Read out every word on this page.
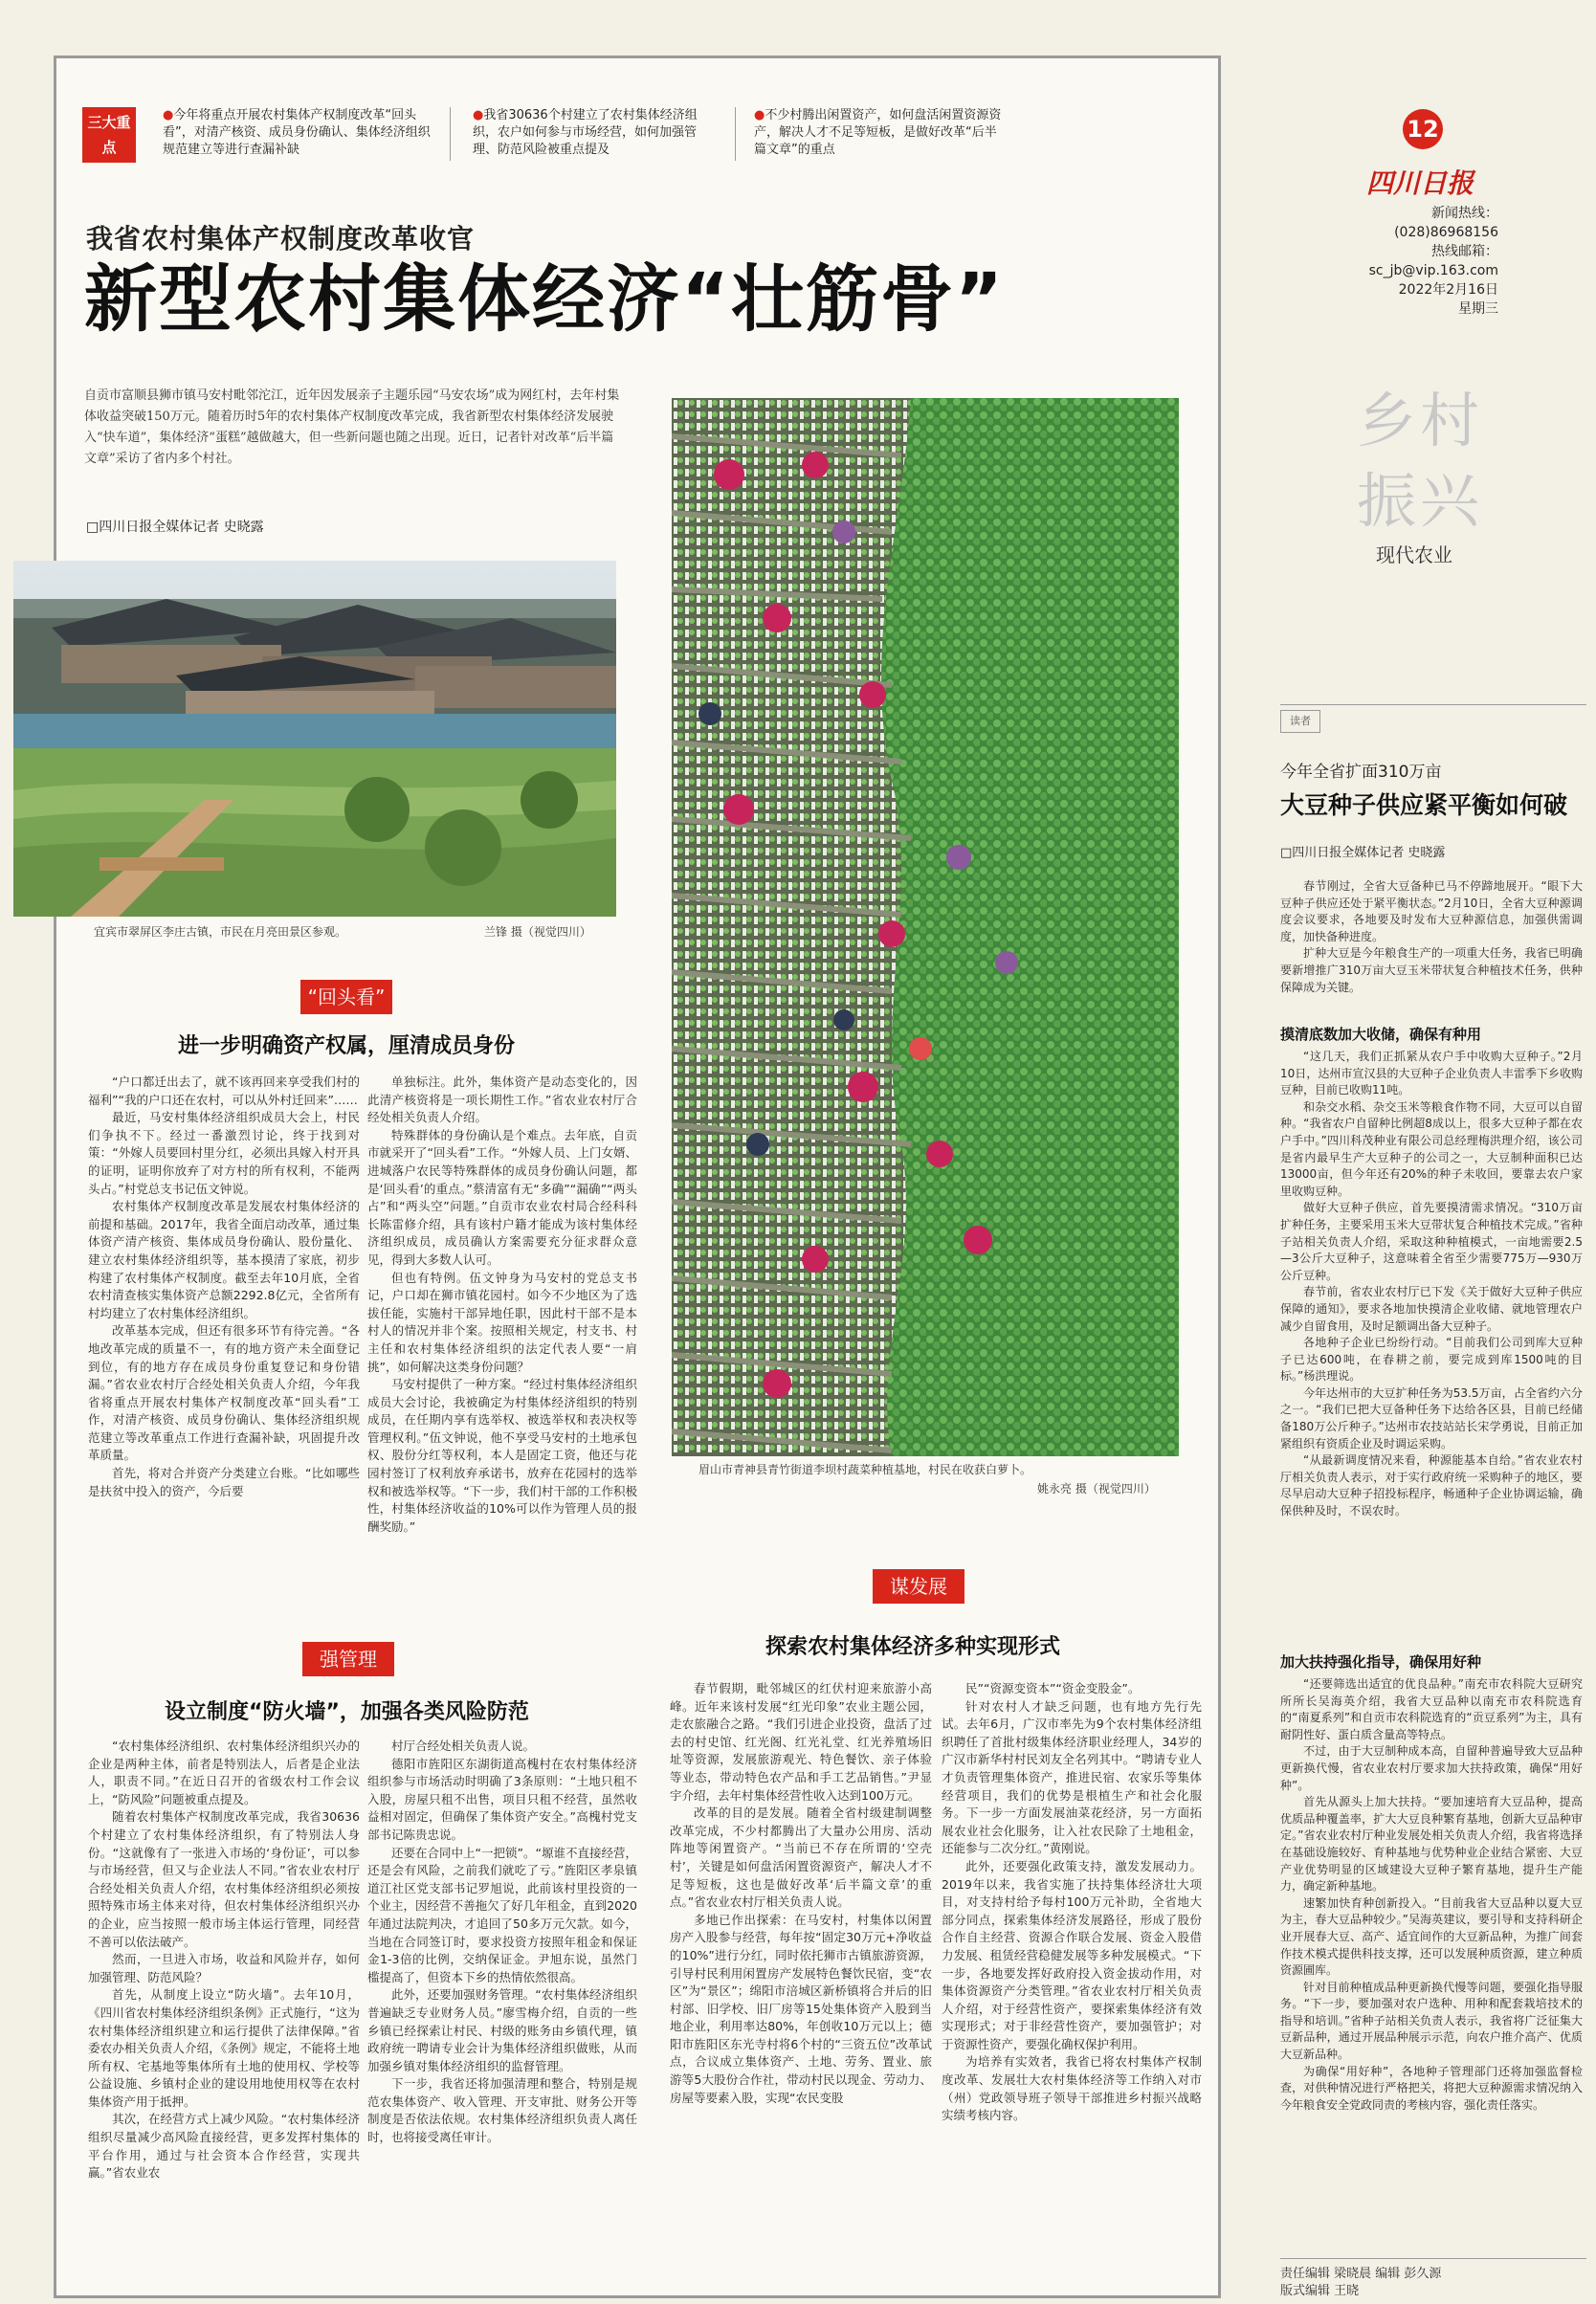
三大重点
●今年将重点开展农村集体产权制度改革“回头看”，对清产核资、成员身份确认、集体经济组织规范建立等进行查漏补缺
●我省30636个村建立了农村集体经济组织，农户如何参与市场经营，如何加强管理、防范风险被重点提及
●不少村腾出闲置资产，如何盘活闲置资源资产，解决人才不足等短板，是做好改革“后半篇文章”的重点
我省农村集体产权制度改革收官
新型农村集体经济“壮筋骨”
自贡市富顺县狮市镇马安村毗邻沱江，近年因发展亲子主题乐园“马安农场”成为网红村，去年村集体收益突破150万元。随着历时5年的农村集体产权制度改革完成，我省新型农村集体经济发展驶入“快车道”，集体经济“蛋糕”越做越大，但一些新问题也随之出现。近日，记者针对改革“后半篇文章”采访了省内多个村社。
□四川日报全媒体记者 史晓露
宜宾市翠屏区李庄古镇，市民在月亮田景区参观。	兰锋 摄（视觉四川）
眉山市青神县青竹街道李坝村蔬菜种植基地，村民在收获白萝卜。
姚永亮 摄（视觉四川）
“回头看”
进一步明确资产权属，厘清成员身份

“户口都迁出去了，就不该再回来享受我们村的福利”“我的户口还在农村，可以从外村迁回来”……

最近，马安村集体经济组织成员大会上，村民们争执不下。经过一番激烈讨论，终于找到对策：“外嫁人员要回村里分红，必须出具嫁入村开具的证明，证明你放弃了对方村的所有权利，不能两头占。”村党总支书记伍文钟说。

农村集体产权制度改革是发展农村集体经济的前提和基础。2017年，我省全面启动改革，通过集体资产清产核资、集体成员身份确认、股份量化、建立农村集体经济组织等，基本摸清了家底，初步构建了农村集体产权制度。截至去年10月底，全省农村清查核实集体资产总额2292.8亿元，全省所有村均建立了农村集体经济组织。

改革基本完成，但还有很多环节有待完善。“各地改革完成的质量不一，有的地方资产未全面登记到位，有的地方存在成员身份重复登记和身份错漏。”省农业农村厅合经处相关负责人介绍，今年我省将重点开展农村集体产权制度改革“回头看”工作，对清产核资、成员身份确认、集体经济组织规范建立等改革重点工作进行查漏补缺，巩固提升改革质量。

首先，将对合并资产分类建立台账。“比如哪些是扶贫中投入的资产，今后要

单独标注。此外，集体资产是动态变化的，因此清产核资将是一项长期性工作。”省农业农村厅合经处相关负责人介绍。

特殊群体的身份确认是个难点。去年底，自贡市就采开了“回头看”工作。“外嫁人员、上门女婿、进城落户农民等特殊群体的成员身份确认问题，都是‘回头看’的重点。”蔡清富有无“多确”“漏确”“两头占”和“两头空”问题。”自贡市农业农村局合经科科长陈雷修介绍，具有该村户籍才能成为该村集体经济组织成员，成员确认方案需要充分征求群众意见，得到大多数人认可。

但也有特例。伍文钟身为马安村的党总支书记，户口却在狮市镇花园村。如今不少地区为了选拔任能，实施村干部异地任职，因此村干部不是本村人的情况并非个案。按照相关规定，村支书、村主任和农村集体经济组织的法定代表人要“一肩挑”，如何解决这类身份问题？

马安村提供了一种方案。“经过村集体经济组织成员大会讨论，我被确定为村集体经济组织的特别成员，在任期内享有选举权、被选举权和表决权等管理权利。”伍文钟说，他不享受马安村的土地承包权、股份分红等权利，本人是固定工资，他还与花园村签订了权利放弃承诺书，放弃在花园村的选举权和被选举权等。“下一步，我们村干部的工作积极性，村集体经济收益的10%可以作为管理人员的报酬奖励。”

强管理
设立制度“防火墙”，加强各类风险防范

“农村集体经济组织、农村集体经济组织兴办的企业是两种主体，前者是特别法人，后者是企业法人，职责不同。”在近日召开的省级农村工作会议上，“防风险”问题被重点提及。

随着农村集体产权制度改革完成，我省30636个村建立了农村集体经济组织，有了特别法人身份。“这就像有了一张进入市场的‘身份证’，可以参与市场经营，但又与企业法人不同。”省农业农村厅合经处相关负责人介绍，农村集体经济组织必须按照特殊市场主体来对待，但农村集体经济组织兴办的企业，应当按照一般市场主体运行管理，同经营不善可以依法破产。

然而，一旦进入市场，收益和风险并存，如何加强管理、防范风险？

首先，从制度上设立“防火墙”。去年10月，《四川省农村集体经济组织条例》正式施行，“这为农村集体经济组织建立和运行提供了法律保障。”省委农办相关负责人介绍，《条例》规定，不能将土地所有权、宅基地等集体所有土地的使用权、学校等公益设施、乡镇村企业的建设用地使用权等在农村集体资产用于抵押。

其次，在经营方式上减少风险。“农村集体经济组织尽量减少高风险直接经营，更多发挥村集体的平台作用，通过与社会资本合作经营，实现共赢。”省农业农

村厅合经处相关负责人说。

德阳市旌阳区东湖街道高槐村在农村集体经济组织参与市场活动时明确了3条原则：“土地只租不入股，房屋只租不出售，项目只租不经营，虽然收益相对固定，但确保了集体资产安全。”高槐村党支部书记陈贵忠说。

还要在合同中上“一把锁”。“塬谁不直接经营，还是会有风险，之前我们就吃了亏。”旌阳区孝泉镇道江社区党支部书记罗旭说，此前该村里投资的一个业主，因经营不善拖欠了好几年租金，直到2020年通过法院判决，才追回了50多万元欠款。如今，当地在合同签订时，要求投资方按照年租金和保证金1-3倍的比例，交纳保证金。尹旭东说，虽然门槛提高了，但资本下乡的热情依然很高。

此外，还要加强财务管理。“农村集体经济组织普遍缺乏专业财务人员。”廖雪梅介绍，自贡的一些乡镇已经探索让村民、村级的账务由乡镇代理，镇政府统一聘请专业会计为集体经济组织做账，从而加强乡镇对集体经济组织的监督管理。

下一步，我省还将加强清理和整合，特别是规范农集体资产、收入管理、开支审批、财务公开等制度是否依法依规。农村集体经济组织负责人离任时，也将接受离任审计。

谋发展
探索农村集体经济多种实现形式

春节假期，毗邻城区的红伏村迎来旅游小高峰。近年来该村发展“红光印象”农业主题公园，走农旅融合之路。“我们引进企业投资，盘活了过去的村史馆、红光阁、红光礼堂、红光养殖场旧址等资源，发展旅游观光、特色餐饮、亲子体验等业态，带动特色农产品和手工艺品销售。”尹显宇介绍，去年村集体经营性收入达到100万元。

改革的目的是发展。随着全省村级建制调整改革完成，不少村都腾出了大量办公用房、活动阵地等闲置资产。“当前已不存在所谓的‘空壳村’，关键是如何盘活闲置资源资产，解决人才不足等短板，这也是做好改革‘后半篇文章’的重点。”省农业农村厅相关负责人说。

多地已作出探索：在马安村，村集体以闲置房产入股参与经营，每年按“固定30万元+净收益的10%”进行分红，同时依托狮市古镇旅游资源，引导村民利用闲置房产发展特色餐饮民宿，变“农区”为“景区”；绵阳市涪城区新桥镇将合并后的旧村部、旧学校、旧厂房等15处集体资产入股到当地企业，利用率达80%，年创收10万元以上；德阳市旌阳区东光寺村将6个村的“三资五位”改革试点，合议成立集体资产、土地、劳务、置业、旅游等5大股份合作社，带动村民以现金、劳动力、房屋等要素入股，实现“农民变股

民”“资源变资本”“资金变股金”。

针对农村人才缺乏问题，也有地方先行先试。去年6月，广汉市率先为9个农村集体经济组织聘任了首批村级集体经济职业经理人，34岁的广汉市新华村村民刘友全名列其中。“聘请专业人才负责管理集体资产，推进民宿、农家乐等集体经营项目，我们的优势是根植生产和社会化服务。下一步一方面发展油菜花经济，另一方面拓展农业社会化服务，让入社农民除了土地租金，还能参与二次分红。”黄刚说。

此外，还要强化政策支持，激发发展动力。2019年以来，我省实施了扶持集体经济壮大项目，对支持村给予每村100万元补助，全省地大部分同点，探索集体经济发展路径，形成了股份合作自主经营、资源合作联合发展、资金入股借力发展、租赁经营稳健发展等多种发展模式。“下一步，各地要发挥好政府投入资金拔动作用，对集体资源资产分类管理。”省农业农村厅相关负责人介绍，对于经营性资产，要探索集体经济有效实现形式；对于非经营性资产，要加强管护；对于资源性资产，要强化确权保护利用。

为培养有实效者，我省已将农村集体产权制度改革、发展壮大农村集体经济等工作纳入对市（州）党政领导班子领导干部推进乡村振兴战略实绩考核内容。

12
四川日报
新闻热线：
(028)86968156
热线邮箱：
sc_jb@vip.163.com
2022年2月16日
星期三
乡村
振兴
现代农业
读者
今年全省扩面310万亩
大豆种子供应紧平衡如何破
□四川日报全媒体记者 史晓露

春节刚过，全省大豆备种已马不停蹄地展开。“眼下大豆种子供应还处于紧平衡状态。”2月10日，全省大豆种源调度会议要求，各地要及时发布大豆种源信息，加强供需调度，加快备种进度。

扩种大豆是今年粮食生产的一项重大任务，我省已明确要新增推广310万亩大豆玉米带状复合种植技术任务，供种保障成为关键。

摸清底数加大收储，确保有种用

“这几天，我们正抓紧从农户手中收购大豆种子。”2月10日，达州市宣汉县的大豆种子企业负责人丰雷季下乡收购豆种，目前已收购11吨。

和杂交水稻、杂交玉米等粮食作物不同，大豆可以自留种。“我省农户自留种比例超8成以上，很多大豆种子都在农户手中。”四川科茂种业有限公司总经理梅洪理介绍，该公司是省内最早生产大豆种子的公司之一，大豆制种面积已达13000亩，但今年还有20%的种子未收回，要靠去农户家里收购豆种。

做好大豆种子供应，首先要摸清需求情况。“310万亩扩种任务，主要采用玉米大豆带状复合种植技术完成。”省种子站相关负责人介绍，采取这种种植模式，一亩地需要2.5—3公斤大豆种子，这意味着全省至少需要775万—930万公斤豆种。

春节前，省农业农村厅已下发《关于做好大豆种子供应保障的通知》，要求各地加快摸清企业收储、就地管理农户减少自留食用，及时足额调出备大豆种子。

各地种子企业已纷纷行动。“目前我们公司到库大豆种子已达600吨，在春耕之前，要完成到库1500吨的目标。”杨洪理说。

今年达州市的大豆扩种任务为53.5万亩，占全省约六分之一。“我们已把大豆备种任务下达给各区县，目前已经储备180万公斤种子。”达州市农技站站长宋学勇说，目前正加紧组织有资质企业及时调运采购。

“从最新调度情况来看，种源能基本自给。”省农业农村厅相关负责人表示，对于实行政府统一采购种子的地区，要尽早启动大豆种子招投标程序，畅通种子企业协调运输，确保供种及时，不误农时。

加大扶持强化指导，确保用好种

“还要筛选出适宜的优良品种。”南充市农科院大豆研究所所长吴海英介绍，我省大豆品种以南充市农科院选育的“南夏系列”和自贡市农科院选育的“贡豆系列”为主，具有耐阴性好、蛋白质含量高等特点。

不过，由于大豆制种成本高，自留种普遍导致大豆品种更新换代慢，省农业农村厅要求加大扶持政策，确保“用好种”。

首先从源头上加大扶持。“要加速培育大豆品种，提高优质品种覆盖率，扩大大豆良种繁育基地，创新大豆品种审定。”省农业农村厅种业发展处相关负责人介绍，我省将选择在基础设施较好、育种基地与优势种业企业结合紧密、大豆产业优势明显的区域建设大豆种子繁育基地，提升生产能力，确定新种基地。

速繁加快育种创新投入。“目前我省大豆品种以夏大豆为主，春大豆品种较少。”吴海英建议，要引导和支持科研企业开展春大豆、高产、适宜间作的大豆新品种，为推广间套作技术模式提供科技支撑，还可以发展种质资源，建立种质资源圃库。

针对目前种植成品种更新换代慢等问题，要强化指导服务。“下一步，要加强对农户选种、用种和配套栽培技术的指导和培训。”省种子站相关负责人表示，我省将广泛征集大豆新品种，通过开展品种展示示范，向农户推介高产、优质大豆新品种。

为确保“用好种”，各地种子管理部门还将加强监督检查，对供种情况进行严格把关，将把大豆种源需求情况纳入今年粮食安全党政同责的考核内容，强化责任落实。

责任编辑 梁晓晨 编辑 彭久源
版式编辑 王晓
